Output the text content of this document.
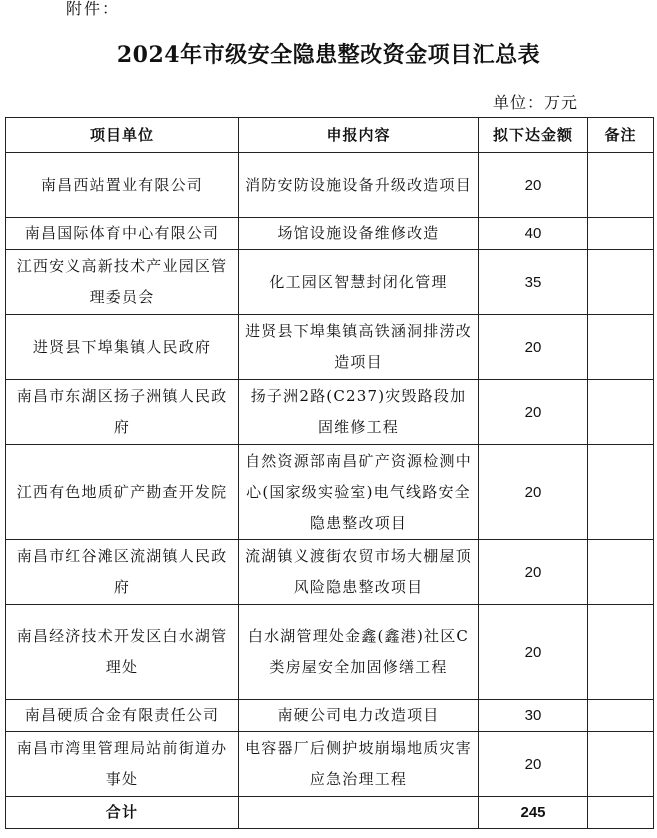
附件：
2024年市级安全隐患整改资金项目汇总表
单位：万元
项目单位	申报内容	拟下达金额	备注
南昌西站置业有限公司	消防安防设施设备升级改造项目	20	
南昌国际体育中心有限公司	场馆设施设备维修改造	40	
江西安义高新技术产业园区管理委员会	化工园区智慧封闭化管理	35	
进贤县下埠集镇人民政府	进贤县下埠集镇高铁涵洞排涝改造项目	20	
南昌市东湖区扬子洲镇人民政府	扬子洲2路(C237)灾毁路段加固维修工程	20	
江西有色地质矿产勘查开发院	自然资源部南昌矿产资源检测中心(国家级实验室)电气线路安全隐患整改项目	20	
南昌市红谷滩区流湖镇人民政府	流湖镇义渡街农贸市场大棚屋顶风险隐患整改项目	20	
南昌经济技术开发区白水湖管理处	白水湖管理处金鑫(鑫港)社区C类房屋安全加固修缮工程	20	
南昌硬质合金有限责任公司	南硬公司电力改造项目	30	
南昌市湾里管理局站前街道办事处	电容器厂后侧护坡崩塌地质灾害应急治理工程	20	
合计		245	
